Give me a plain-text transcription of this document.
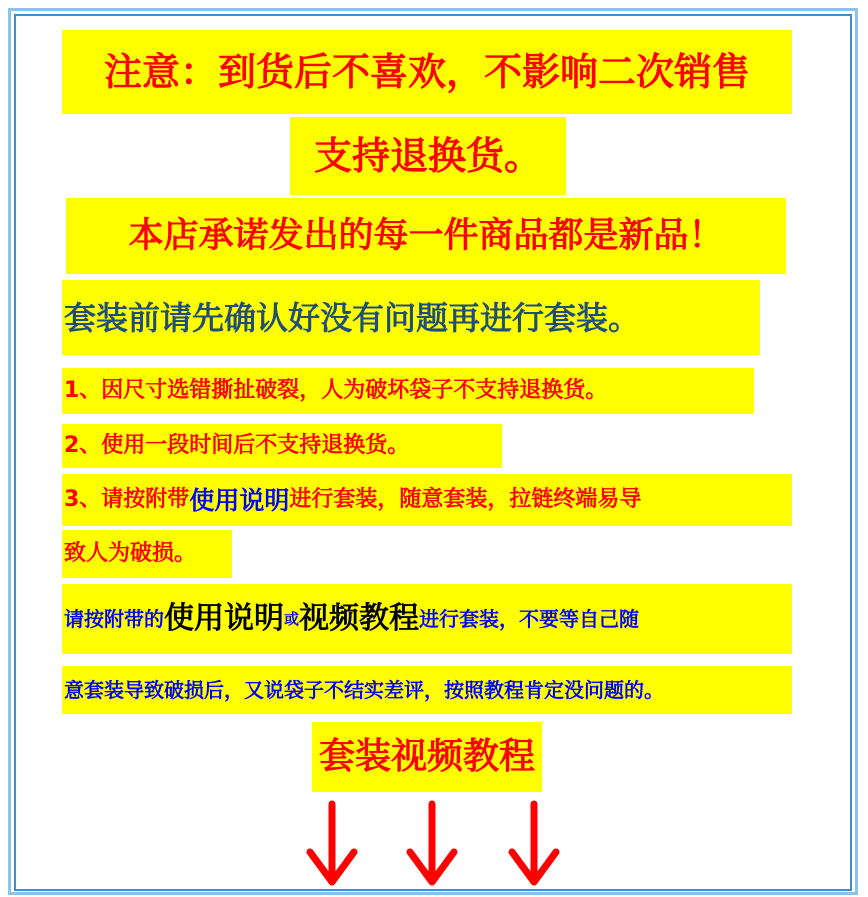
注意：到货后不喜欢，不影响二次销售
支持退换货。
本店承诺发出的每一件商品都是新品！
套装前请先确认好没有问题再进行套装。
1、因尺寸选错撕扯破裂，人为破坏袋子不支持退换货。
2、使用一段时间后不支持退换货。
3、请按附带 使用说明 进行套装，随意套装，拉链终端易导
致人为破损。
请按附带的 使用说明 或 视频教程 进行套装，不要等自己随
意套装导致破损后，又说袋子不结实差评，按照教程肯定没问题的。
套装视频教程
